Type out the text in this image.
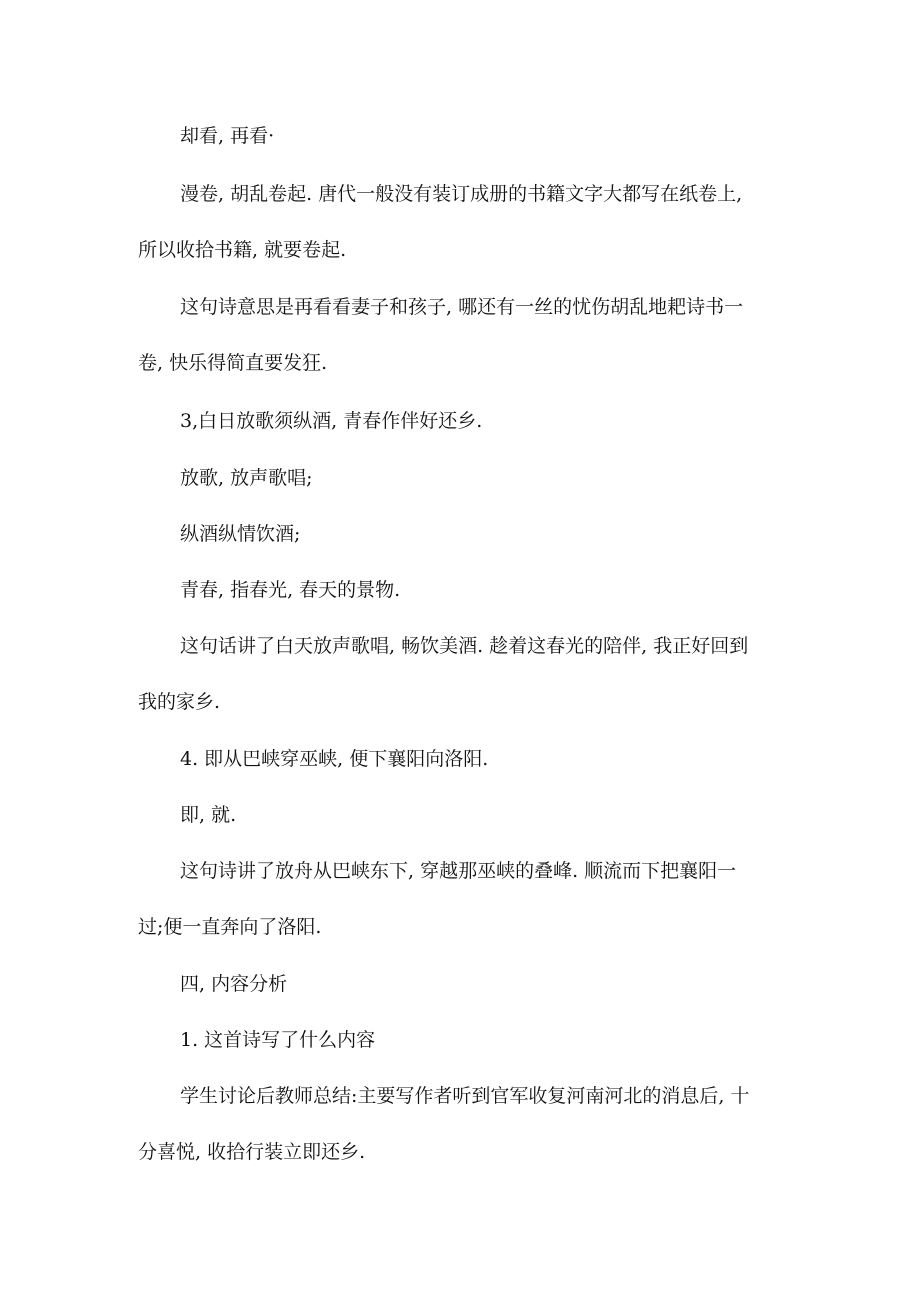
却看, 再看·
漫卷, 胡乱卷起. 唐代一般没有装订成册的书籍文字大都写在纸卷上,
所以收拾书籍, 就要卷起.
这句诗意思是再看看妻子和孩子, 哪还有一丝的忧伤胡乱地耙诗书一
卷, 快乐得简直要发狂.
3,白日放歌须纵酒, 青春作伴好还乡.
放歌, 放声歌唱;
纵酒纵情饮酒;
青春, 指春光, 春天的景物.
这句话讲了白天放声歌唱, 畅饮美酒. 趁着这春光的陪伴, 我正好回到
我的家乡.
4. 即从巴峡穿巫峡, 便下襄阳向洛阳.
即, 就.
这句诗讲了放舟从巴峡东下, 穿越那巫峡的叠峰. 顺流而下把襄阳一
过;便一直奔向了洛阳.
四, 内容分析
1. 这首诗写了什么内容
学生讨论后教师总结:主要写作者听到官军收复河南河北的消息后, 十
分喜悦, 收拾行装立即还乡.
